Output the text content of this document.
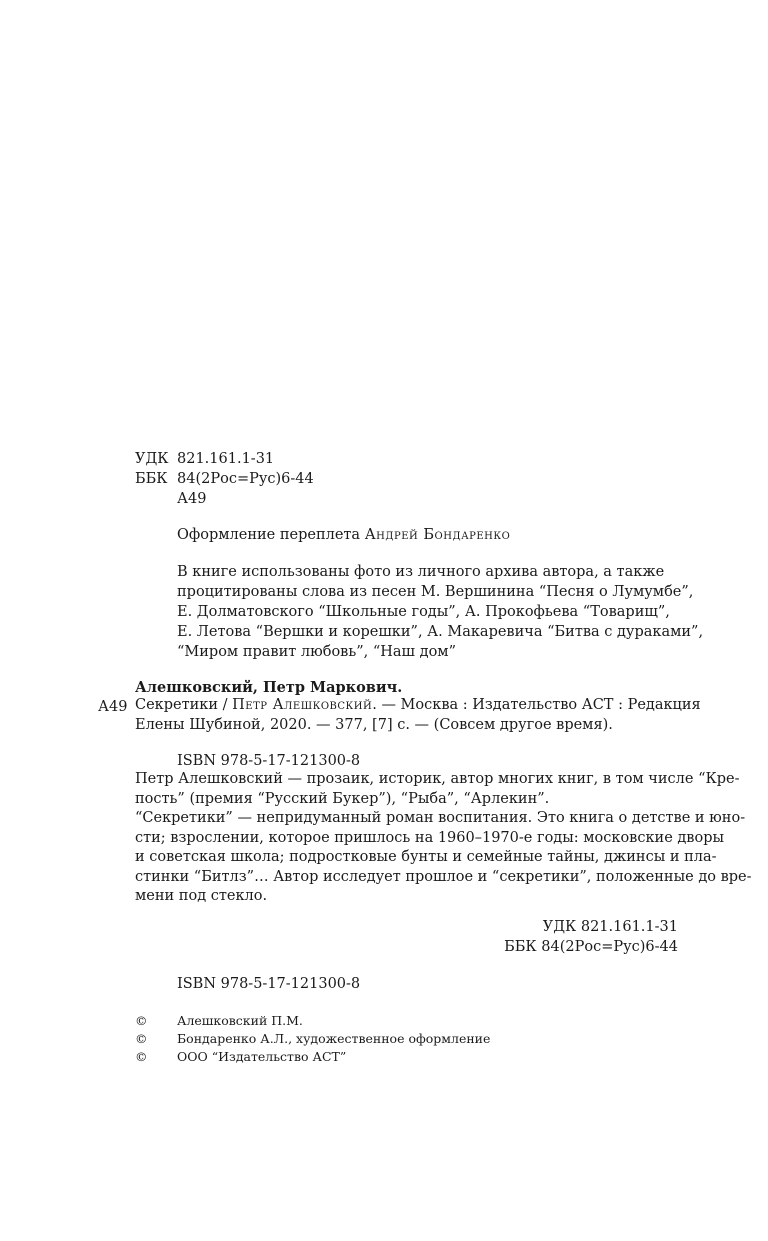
УДК 821.161.1-31
ББК 84(2Рос=Рус)6-44
А49
Оформление переплета Андрей Бондаренко
В книге использованы фото из личного архива автора, а также
процитированы слова из песен М. Вершинина “Песня о Лумумбе”,
Е. Долматовского “Школьные годы”, А. Прокофьева “Товарищ”,
Е. Летова “Вершки и корешки”, А. Макаревича “Битва с дураками”,
“Миром правит любовь”, “Наш дом”
Алешковский, Петр Маркович.
А49 Секретики / Петр Алешковский. — Москва : Издательство АСТ : Редакция
Елены Шубиной, 2020. — 377, [7] с. — (Совсем другое время).
ISBN 978-5-17-121300-8
Петр Алешковский — прозаик, историк, автор многих книг, в том числе “Кре-
пость” (премия “Русский Букер”), “Рыба”, “Арлекин”.
“Секретики” — непридуманный роман воспитания. Это книга о детстве и юно-
сти; взрослении, которое пришлось на 1960–1970-е годы: московские дворы
и советская школа; подростковые бунты и семейные тайны, джинсы и пла-
стинки “Битлз”… Автор исследует прошлое и “секретики”, положенные до вре-
мени под стекло.
УДК 821.161.1-31
ББК 84(2Рос=Рус)6-44
ISBN 978-5-17-121300-8
© Алешковский П.М.
© Бондаренко А.Л., художественное оформление
© ООО “Издательство АСТ”
